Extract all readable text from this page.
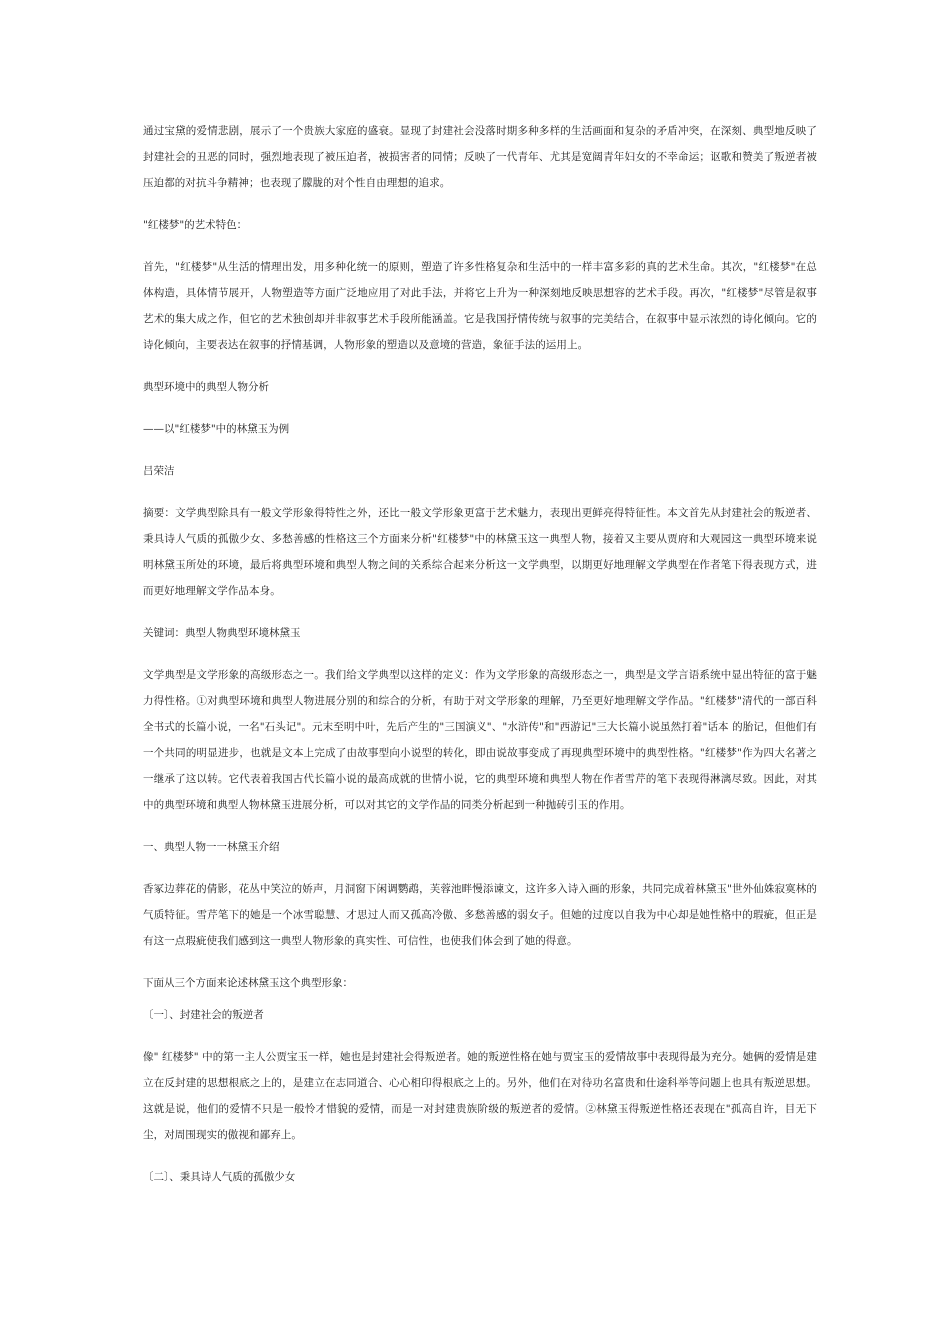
通过宝黛的爱情悲剧，展示了一个贵族大家庭的盛衰。显现了封建社会没落时期多种多样的生活画面和复杂的矛盾冲突，在深刻、典型地反映了封建社会的丑恶的同时，强烈地表现了被压迫者，被损害者的同情；反映了一代青年、尤其是宽阔青年妇女的不幸命运；讴歌和赞美了叛逆者被压迫都的对抗斗争精神；也表现了朦胧的对个性自由理想的追求。

"红楼梦"的艺术特色：

首先，"红楼梦"从生活的情理出发，用多种化统一的原则，塑造了许多性格复杂和生活中的一样丰富多彩的真的艺术生命。其次，"红楼梦"在总体构造，具体情节展开，人物塑造等方面广泛地应用了对此手法，并将它上升为一种深刻地反映思想容的艺术手段。再次，"红楼梦"尽管是叙事艺术的集大成之作，但它的艺术独创却并非叙事艺术手段所能涵盖。它是我国抒情传统与叙事的完美结合，在叙事中显示浓烈的诗化倾向。它的诗化倾向，主要表达在叙事的抒情基调，人物形象的塑造以及意境的营造，象征手法的运用上。

典型环境中的典型人物分析

——以"红楼梦"中的林黛玉为例

吕荣洁

摘要：文学典型除具有一般文学形象得特性之外，还比一般文学形象更富于艺术魅力，表现出更鲜亮得特征性。本文首先从封建社会的叛逆者、秉具诗人气质的孤傲少女、多愁善感的性格这三个方面来分析"红楼梦"中的林黛玉这一典型人物，接着又主要从贾府和大观园这一典型环境来说明林黛玉所处的环境，最后将典型环境和典型人物之间的关系综合起来分析这一文学典型，以期更好地理解文学典型在作者笔下得表现方式，进而更好地理解文学作品本身。

关键词：典型人物典型环境林黛玉

文学典型是文学形象的高级形态之一。我们给文学典型以这样的定义：作为文学形象的高级形态之一，典型是文学言语系统中显出特征的富于魅力得性格。①对典型环境和典型人物进展分别的和综合的分析，有助于对文学形象的理解，乃至更好地理解文学作品。"红楼梦"清代的一部百科全书式的长篇小说，一名"石头记"。元末至明中叶，先后产生的"三国演义"、"水浒传"和"西游记"三大长篇小说虽然打着"话本 的胎记，但他们有一个共同的明显进步，也就是文本上完成了由故事型向小说型的转化，即由说故事变成了再现典型环境中的典型性格。"红楼梦"作为四大名著之一继承了这以转。它代表着我国古代长篇小说的最高成就的世情小说，它的典型环境和典型人物在作者雪芹的笔下表现得淋漓尽致。因此，对其中的典型环境和典型人物林黛玉进展分析，可以对其它的文学作品的同类分析起到一种抛砖引玉的作用。

一、典型人物一一林黛玉介绍

香冢边葬花的倩影，花丛中笑泣的娇声，月洞窗下闲调鹦鹉，芙蓉池畔慢添谏文，这许多入诗入画的形象，共同完成着林黛玉"世外仙姝寂寞林的气质特征。雪芹笔下的她是一个冰雪聪慧、才思过人而又孤高冷傲、多愁善感的弱女子。但她的过度以自我为中心却是她性格中的瑕疵，但正是有这一点瑕疵使我们感到这一典型人物形象的真实性、可信性，也使我们体会到了她的得意。

下面从三个方面来论述林黛玉这个典型形象：

〔一〕、封建社会的叛逆者

像" 红楼梦" 中的第一主人公贾宝玉一样，她也是封建社会得叛逆者。她的叛逆性格在她与贾宝玉的爱情故事中表现得最为充分。她俩的爱情是建立在反封建的思想根底之上的，是建立在志同道合、心心相印得根底之上的。另外，他们在对待功名富贵和仕途科举等问题上也具有叛逆思想。这就是说，他们的爱情不只是一般怜才惜貌的爱情，而是一对封建贵族阶级的叛逆者的爱情。②林黛玉得叛逆性格还表现在"孤高自许，目无下尘，对周围现实的傲视和鄙弃上。

〔二〕、秉具诗人气质的孤傲少女
